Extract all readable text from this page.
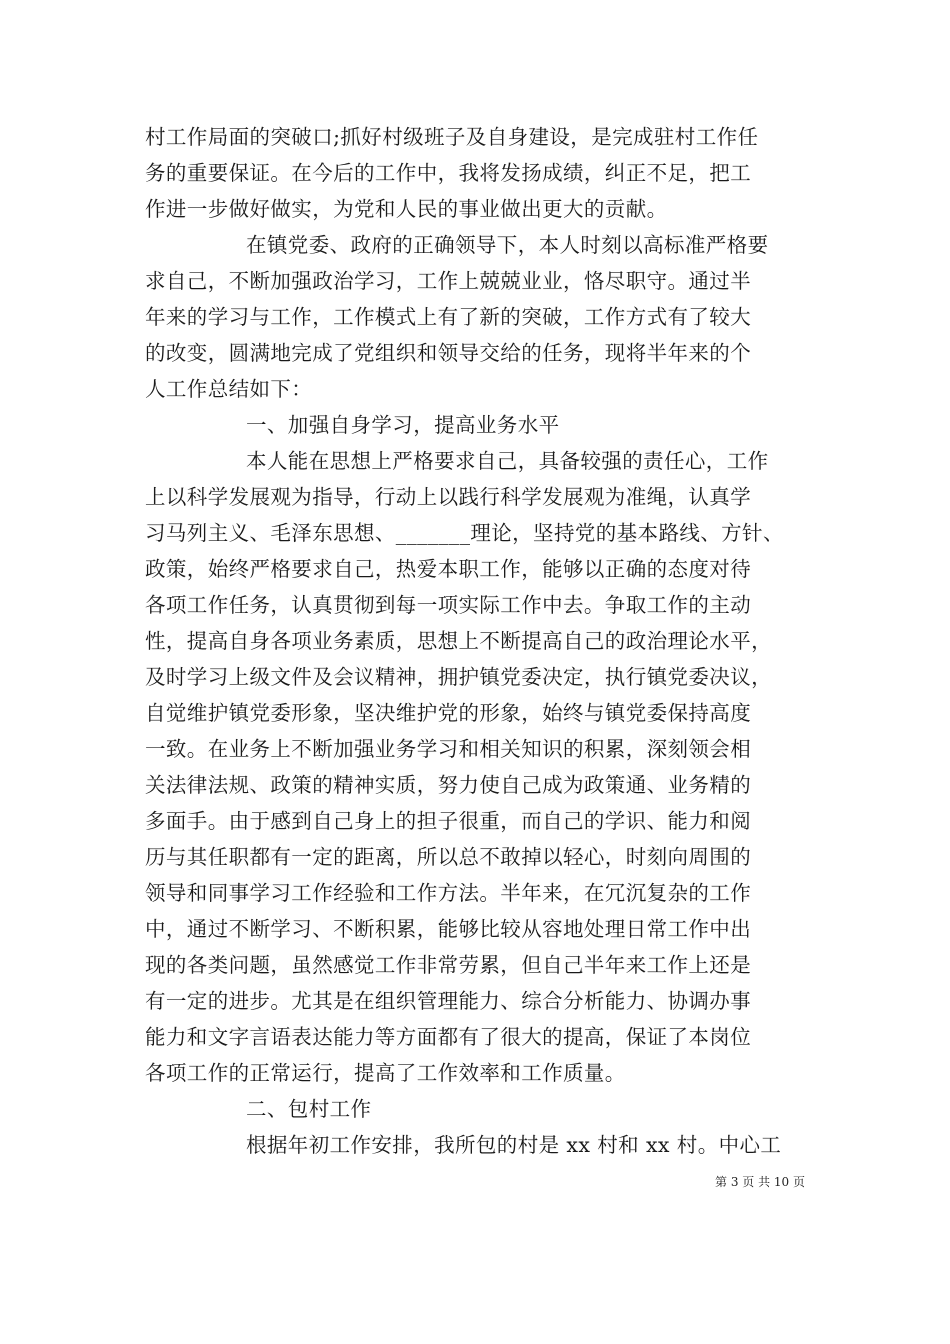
村工作局面的突破口;抓好村级班子及自身建设，是完成驻村工作任
务的重要保证。在今后的工作中，我将发扬成绩，纠正不足，把工
作进一步做好做实，为党和人民的事业做出更大的贡献。
在镇党委、政府的正确领导下，本人时刻以高标准严格要
求自己，不断加强政治学习，工作上兢兢业业，恪尽职守。通过半
年来的学习与工作，工作模式上有了新的突破，工作方式有了较大
的改变，圆满地完成了党组织和领导交给的任务，现将半年来的个
人工作总结如下：
一、加强自身学习，提高业务水平
本人能在思想上严格要求自己，具备较强的责任心，工作
上以科学发展观为指导，行动上以践行科学发展观为准绳，认真学
习马列主义、毛泽东思想、_______理论，坚持党的基本路线、方针、
政策，始终严格要求自己，热爱本职工作，能够以正确的态度对待
各项工作任务，认真贯彻到每一项实际工作中去。争取工作的主动
性，提高自身各项业务素质，思想上不断提高自己的政治理论水平，
及时学习上级文件及会议精神，拥护镇党委决定，执行镇党委决议，
自觉维护镇党委形象，坚决维护党的形象，始终与镇党委保持高度
一致。在业务上不断加强业务学习和相关知识的积累，深刻领会相
关法律法规、政策的精神实质，努力使自己成为政策通、业务精的
多面手。由于感到自己身上的担子很重，而自己的学识、能力和阅
历与其任职都有一定的距离，所以总不敢掉以轻心，时刻向周围的
领导和同事学习工作经验和工作方法。半年来，在冗沉复杂的工作
中，通过不断学习、不断积累，能够比较从容地处理日常工作中出
现的各类问题，虽然感觉工作非常劳累，但自己半年来工作上还是
有一定的进步。尤其是在组织管理能力、综合分析能力、协调办事
能力和文字言语表达能力等方面都有了很大的提高，保证了本岗位
各项工作的正常运行，提高了工作效率和工作质量。
二、包村工作
根据年初工作安排，我所包的村是 xx 村和 xx 村。中心工
第 3 页 共 10 页
